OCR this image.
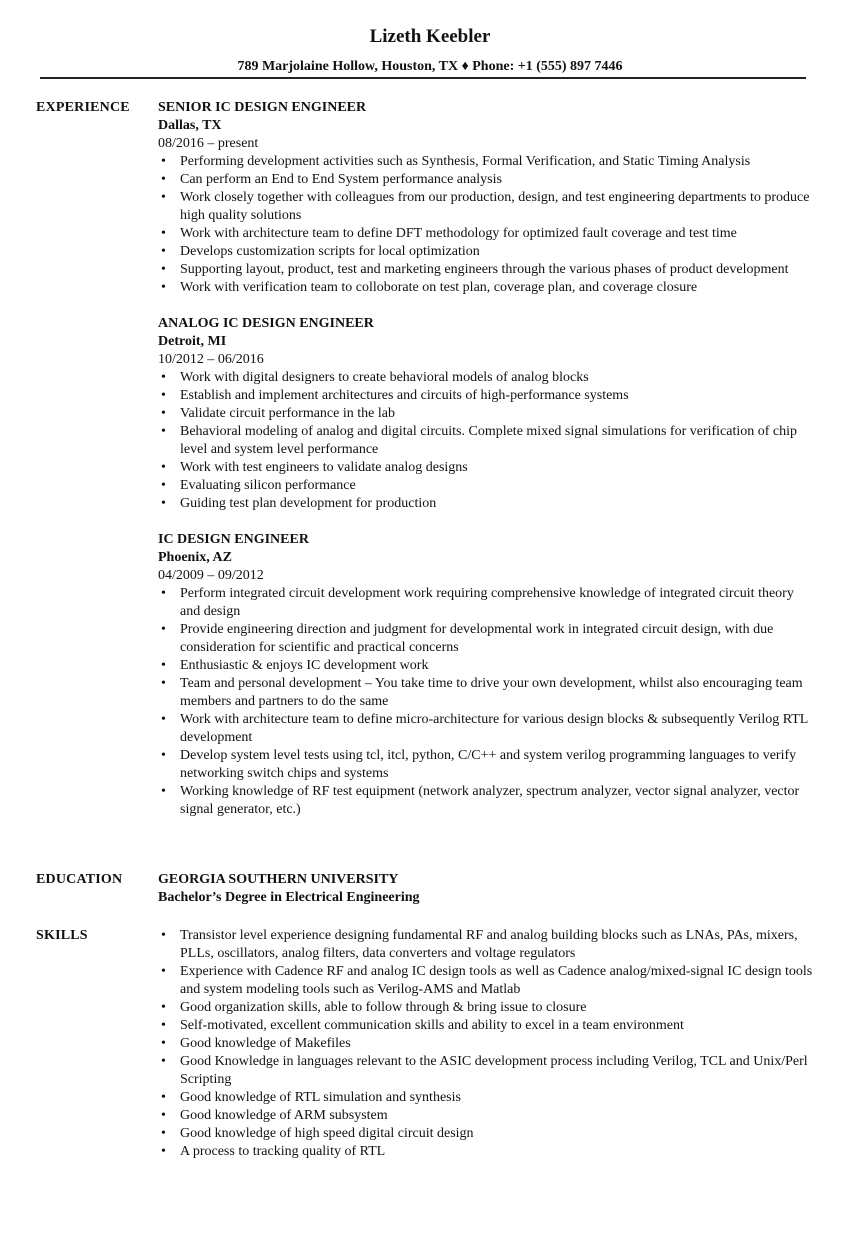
Lizeth Keebler
789 Marjolaine Hollow, Houston, TX ♦ Phone: +1 (555) 897 7446
EXPERIENCE SENIOR IC DESIGN ENGINEER
Dallas, TX
08/2016 – present
•	Performing development activities such as Synthesis, Formal Verification, and Static Timing Analysis
•	Can perform an End to End System performance analysis
•	Work closely together with colleagues from our production, design, and test engineering departments to produce high quality solutions
•	Work with architecture team to define DFT methodology for optimized fault coverage and test time
•	Develops customization scripts for local optimization
•	Supporting layout, product, test and marketing engineers through the various phases of product development
•	Work with verification team to colloborate on test plan, coverage plan, and coverage closure
ANALOG IC DESIGN ENGINEER
Detroit, MI
10/2012 – 06/2016
•	Work with digital designers to create behavioral models of analog blocks
•	Establish and implement architectures and circuits of high-performance systems
•	Validate circuit performance in the lab
•	Behavioral modeling of analog and digital circuits. Complete mixed signal simulations for verification of chip level and system level performance
•	Work with test engineers to validate analog designs
•	Evaluating silicon performance
•	Guiding test plan development for production
IC DESIGN ENGINEER
Phoenix, AZ
04/2009 – 09/2012
•	Perform integrated circuit development work requiring comprehensive knowledge of integrated circuit theory and design
•	Provide engineering direction and judgment for developmental work in integrated circuit design, with due consideration for scientific and practical concerns
•	Enthusiastic & enjoys IC development work
•	Team and personal development – You take time to drive your own development, whilst also encouraging team members and partners to do the same
•	Work with architecture team to define micro-architecture for various design blocks & subsequently Verilog RTL development
•	Develop system level tests using tcl, itcl, python, C/C++ and system verilog programming languages to verify networking switch chips and systems
•	Working knowledge of RF test equipment (network analyzer, spectrum analyzer, vector signal analyzer, vector signal generator, etc.)
EDUCATION	GEORGIA SOUTHERN UNIVERSITY
Bachelor’s Degree in Electrical Engineering
SKILLS	•	Transistor level experience designing fundamental RF and analog building blocks such as LNAs, PAs, mixers, PLLs, oscillators, analog filters, data converters and voltage regulators
•	Experience with Cadence RF and analog IC design tools as well as Cadence analog/mixed-signal IC design tools and system modeling tools such as Verilog-AMS and Matlab
•	Good organization skills, able to follow through & bring issue to closure
•	Self-motivated, excellent communication skills and ability to excel in a team environment
•	Good knowledge of Makefiles
•	Good Knowledge in languages relevant to the ASIC development process including Verilog, TCL and Unix/Perl Scripting
•	Good knowledge of RTL simulation and synthesis
•	Good knowledge of ARM subsystem
•	Good knowledge of high speed digital circuit design
•	A process to tracking quality of RTL
